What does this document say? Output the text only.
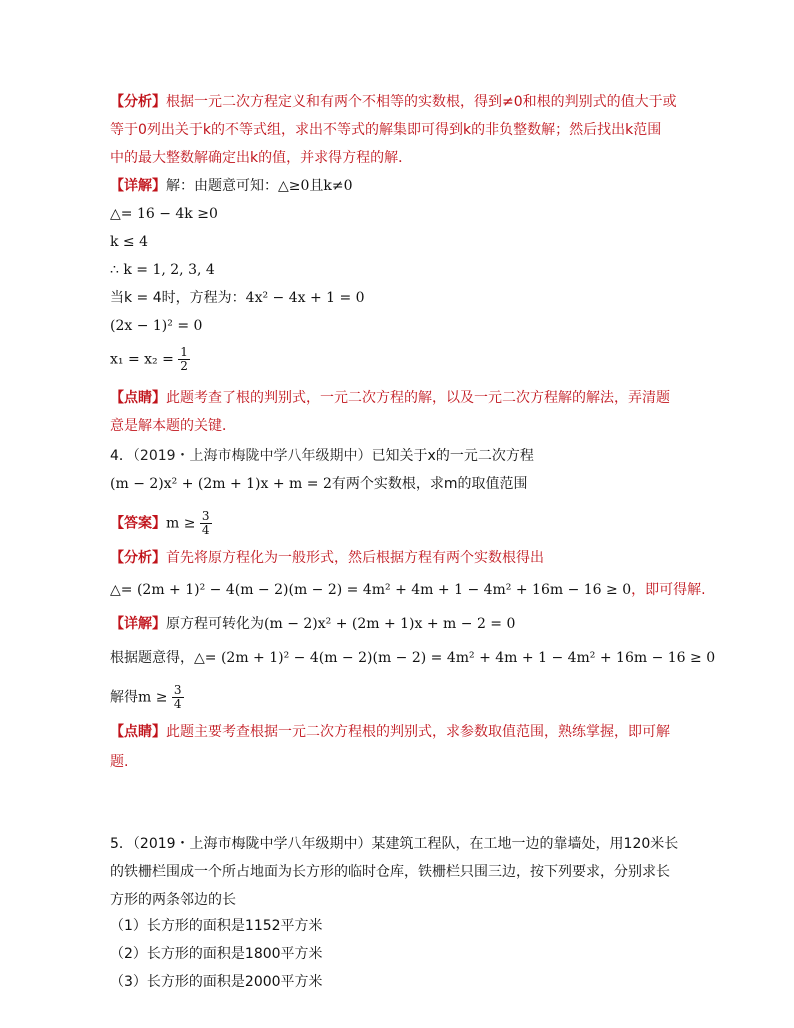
【分析】根据一元二次方程定义和有两个不相等的实数根，得到≠0和根的判别式的值大于或
等于0列出关于k的不等式组，求出不等式的解集即可得到k的非负整数解；然后找出k范围
中的最大整数解确定出k的值，并求得方程的解．
【详解】解：由题意可知：△≥0且k≠0
△= 16 − 4k ≥0
k ≤ 4
∴ k = 1, 2, 3, 4
当k = 4时，方程为：4x² − 4x + 1 = 0
(2x − 1)² = 0
$x_1 = x_2 = \frac{1}{2}$
【点睛】此题考查了根的判别式，一元二次方程的解，以及一元二次方程解的解法，弄清题
意是解本题的关键．
4．（2019・上海市梅陇中学八年级期中）已知关于x的一元二次方程
(m − 2)x² + (2m + 1)x + m = 2有两个实数根，求m的取值范围
【答案】$m \ge \frac{3}{4}$
【分析】首先将原方程化为一般形式，然后根据方程有两个实数根得出
△= (2m + 1)² − 4(m − 2)(m − 2) = 4m² + 4m + 1 − 4m² + 16m − 16 ≥ 0，即可得解.
【详解】原方程可转化为(m − 2)x² + (2m + 1)x + m − 2 = 0
根据题意得，△= (2m + 1)² − 4(m − 2)(m − 2) = 4m² + 4m + 1 − 4m² + 16m − 16 ≥ 0
解得$m \ge \frac{3}{4}$
【点睛】此题主要考查根据一元二次方程根的判别式，求参数取值范围，熟练掌握，即可解
题.
5．（2019・上海市梅陇中学八年级期中）某建筑工程队，在工地一边的靠墙处，用120米长
的铁栅栏围成一个所占地面为长方形的临时仓库，铁栅栏只围三边，按下列要求，分别求长
方形的两条邻边的长
（1）长方形的面积是1152平方米
（2）长方形的面积是1800平方米
（3）长方形的面积是2000平方米
